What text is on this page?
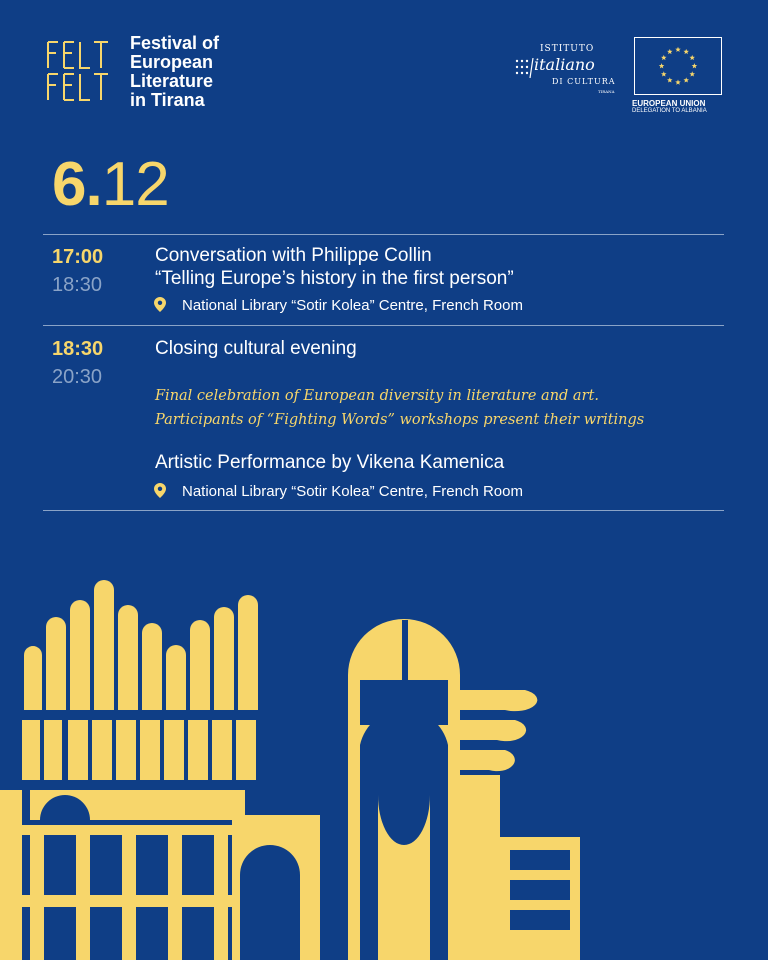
Festival of
European
Literature
in Tirana
ISTITUTO
italiano
DI CULTURA
TIRANA
EUROPEAN UNION
DELEGATION TO ALBANIA
6.12
17:00
18:30
Conversation with Philippe Collin
“Telling Europe’s history in the first person”
National Library “Sotir Kolea” Centre, French Room
18:30
20:30
Closing cultural evening
Final celebration of European diversity in literature and art.
Participants of “Fighting Words” workshops present their writings
Artistic Performance by Vikena Kamenica
National Library “Sotir Kolea” Centre, French Room
